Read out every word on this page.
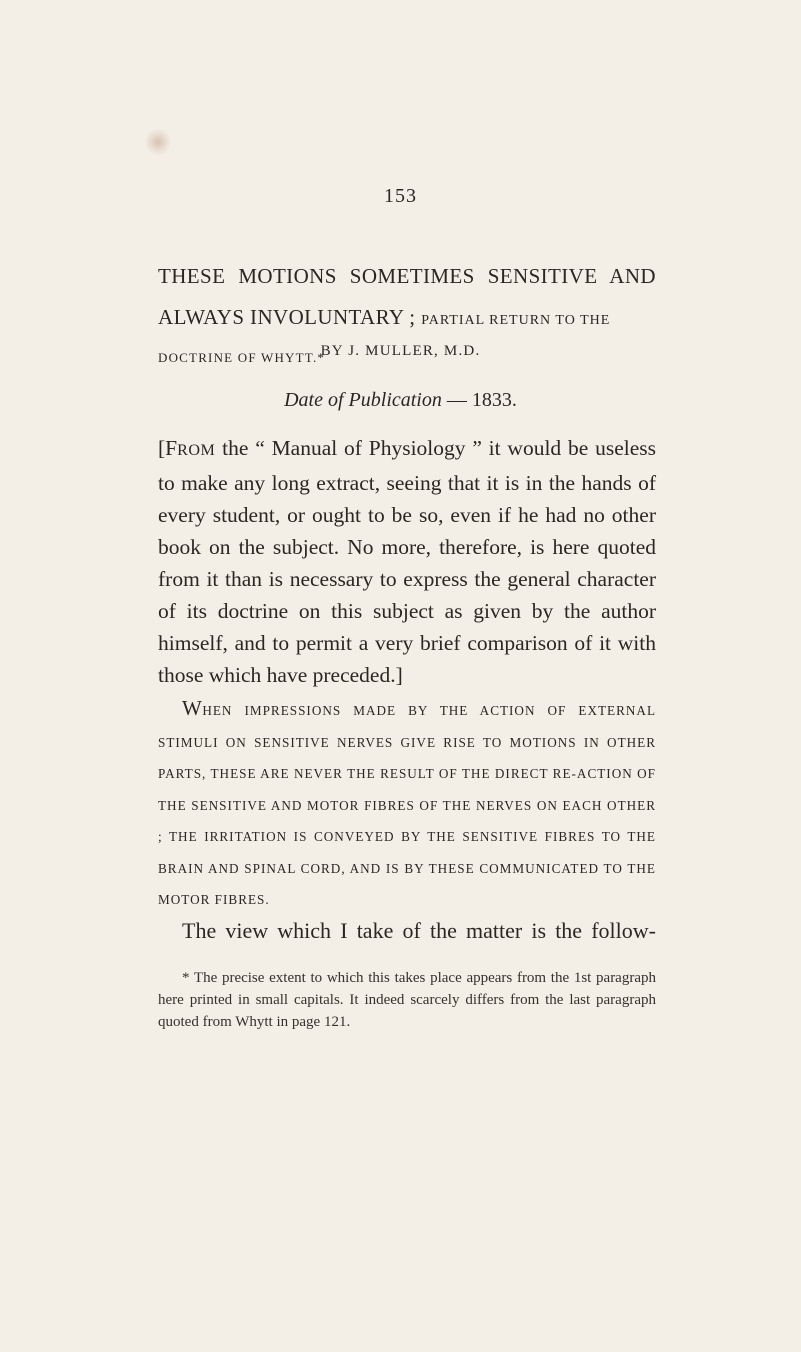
153
THESE MOTIONS SOMETIMES SENSITIVE AND
ALWAYS INVOLUNTARY ; PARTIAL RETURN TO THE
DOCTRINE OF WHYTT.*
BY J. MULLER, M.D.
Date of Publication — 1833.

[FROM the “ Manual of Physiology ” it would be useless to make any long extract, seeing that it is in the hands of every student, or ought to be so, even if he had no other book on the subject. No more, therefore, is here quoted from it than is necessary to express the general character of its doctrine on this subject as given by the author himself, and to permit a very brief comparison of it with those which have preceded.]

WHEN IMPRESSIONS MADE BY THE ACTION OF EXTERNAL STIMULI ON SENSITIVE NERVES GIVE RISE TO MOTIONS IN OTHER PARTS, THESE ARE NEVER THE RESULT OF THE DIRECT RE-ACTION OF THE SENSITIVE AND MOTOR FIBRES OF THE NERVES ON EACH OTHER ; THE IRRITATION IS CONVEYED BY THE SENSITIVE FIBRES TO THE BRAIN AND SPINAL CORD, AND IS BY THESE COMMUNICATED TO THE MOTOR FIBRES.

The view which I take of the matter is the follow-

* The precise extent to which this takes place appears from the 1st paragraph here printed in small capitals. It indeed scarcely differs from the last paragraph quoted from Whytt in page 121.
